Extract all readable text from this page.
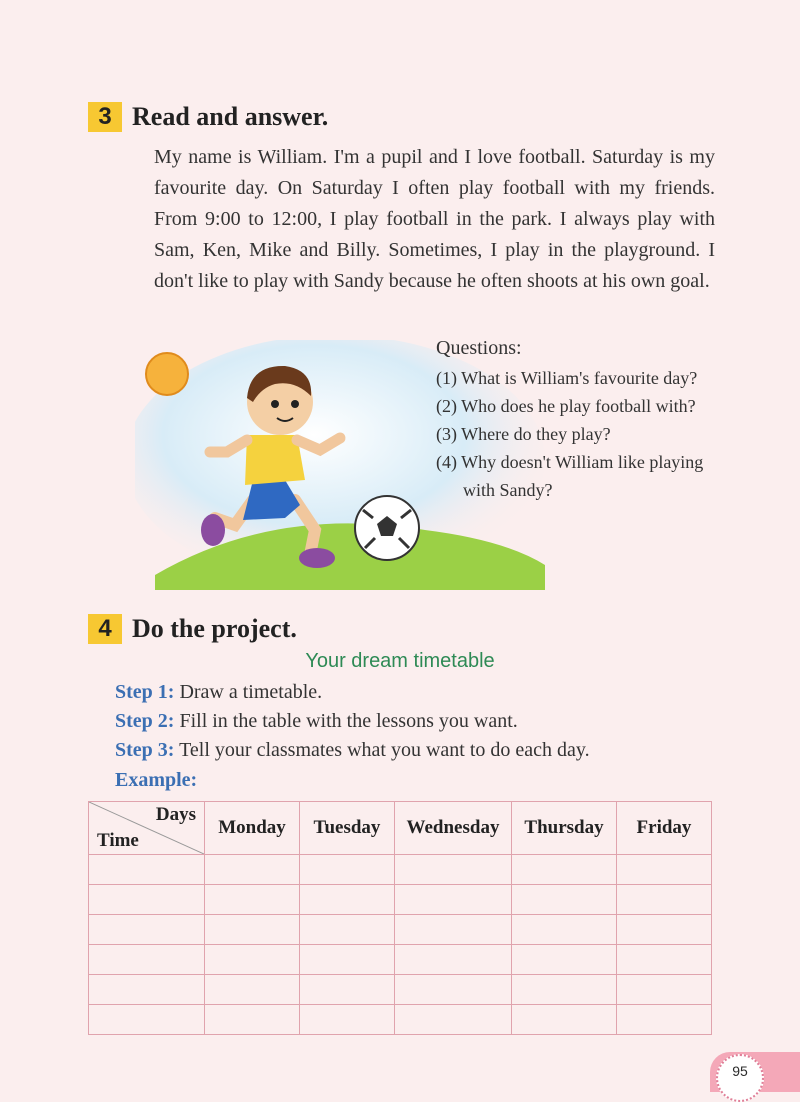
3 Read and answer.
My name is William. I'm a pupil and I love football. Saturday is my favourite day. On Saturday I often play football with my friends. From 9:00 to 12:00, I play football in the park. I always play with Sam, Ken, Mike and Billy. Sometimes, I play in the playground. I don't like to play with Sandy because he often shoots at his own goal.
Questions:
(1) What is William's favourite day?
(2) Who does he play football with?
(3) Where do they play?
(4) Why doesn't William like playing
with Sandy?
4 Do the project.
Your dream timetable
Step 1: Draw a timetable.
Step 2: Fill in the table with the lessons you want.
Step 3: Tell your classmates what you want to do each day.
Example:
Days
Time	Monday	Tuesday	Wednesday	Thursday	Friday

95
